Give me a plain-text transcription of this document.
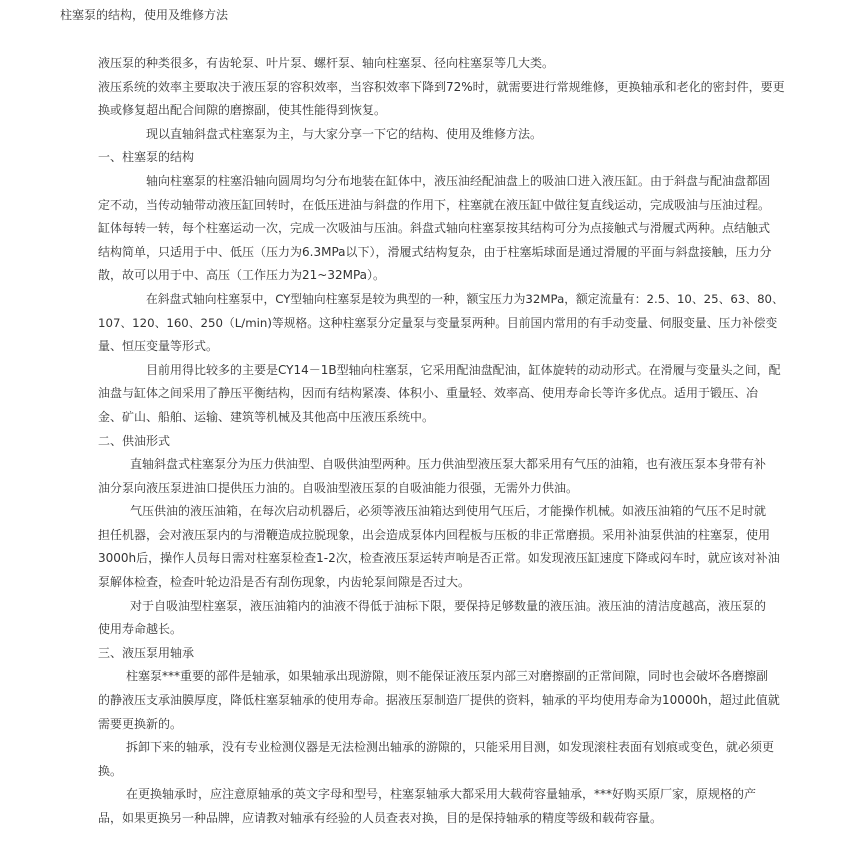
柱塞泵的结构，使用及维修方法
液压泵的种类很多，有齿轮泵、叶片泵、螺杆泵、轴向柱塞泵、径向柱塞泵等几大类。
液压系统的效率主要取决于液压泵的容积效率，当容积效率下降到72%时，就需要进行常规维修，更换轴承和老化的密封件，要更
换或修复超出配合间隙的磨擦副，使其性能得到恢复。
现以直轴斜盘式柱塞泵为主，与大家分享一下它的结构、使用及维修方法。
一、柱塞泵的结构
轴向柱塞泵的柱塞沿轴向圆周均匀分布地装在缸体中，液压油经配油盘上的吸油口进入液压缸。由于斜盘与配油盘都固
定不动，当传动轴带动液压缸回转时，在低压进油与斜盘的作用下，柱塞就在液压缸中做往复直线运动，完成吸油与压油过程。
缸体每转一转，每个柱塞运动一次，完成一次吸油与压油。斜盘式轴向柱塞泵按其结构可分为点接触式与滑履式两种。点结触式
结构简单，只适用于中、低压（压力为6.3MPa以下），滑履式结构复杂，由于柱塞垢球面是通过滑履的平面与斜盘接触，压力分
散，故可以用于中、高压（工作压力为21~32MPa）。
在斜盘式轴向柱塞泵中，CY型轴向柱塞泵是较为典型的一种，额宝压力为32MPa，额定流量有：2.5、10、25、63、80、
107、120、160、250（L/min)等规格。这种柱塞泵分定量泵与变量泵两种。目前国内常用的有手动变量、伺服变量、压力补偿变
量、恒压变量等形式。
目前用得比较多的主要是CY14－1B型轴向柱塞泵，它采用配油盘配油，缸体旋转的动动形式。在滑履与变量头之间，配
油盘与缸体之间采用了静压平衡结构，因而有结构紧凑、体积小、重量轻、效率高、使用寿命长等许多优点。适用于锻压、冶
金、矿山、船舶、运输、建筑等机械及其他高中压液压系统中。
二、供油形式
直轴斜盘式柱塞泵分为压力供油型、自吸供油型两种。压力供油型液压泵大都采用有气压的油箱，也有液压泵本身带有补
油分泵向液压泵进油口提供压力油的。自吸油型液压泵的自吸油能力很强，无需外力供油。
气压供油的液压油箱，在每次启动机器后，必须等液压油箱达到使用气压后，才能操作机械。如液压油箱的气压不足时就
担任机器，会对液压泵内的与滑鞭造成拉脱现象，出会造成泵体内回程板与压板的非正常磨损。采用补油泵供油的柱塞泵，使用
3000h后，操作人员每日需对柱塞泵检查1-2次，检查液压泵运转声响是否正常。如发现液压缸速度下降或闷车时，就应该对补油
泵解体检查，检查叶轮边沿是否有刮伤现象，内齿轮泵间隙是否过大。
对于自吸油型柱塞泵，液压油箱内的油液不得低于油标下限，要保持足够数量的液压油。液压油的清洁度越高，液压泵的
使用寿命越长。
三、液压泵用轴承
柱塞泵***重要的部件是轴承，如果轴承出现游隙，则不能保证液压泵内部三对磨擦副的正常间隙，同时也会破坏各磨擦副
的静液压支承油膜厚度，降低柱塞泵轴承的使用寿命。据液压泵制造厂提供的资料，轴承的平均使用寿命为10000h，超过此值就
需要更换新的。
拆卸下来的轴承，没有专业检测仪器是无法检测出轴承的游隙的，只能采用目测，如发现滚柱表面有划痕或变色，就必须更
换。
在更换轴承时，应注意原轴承的英文字母和型号，柱塞泵轴承大都采用大载荷容量轴承，***好购买原厂家，原规格的产
品，如果更换另一种品牌，应请教对轴承有经验的人员查表对换，目的是保持轴承的精度等级和载荷容量。
